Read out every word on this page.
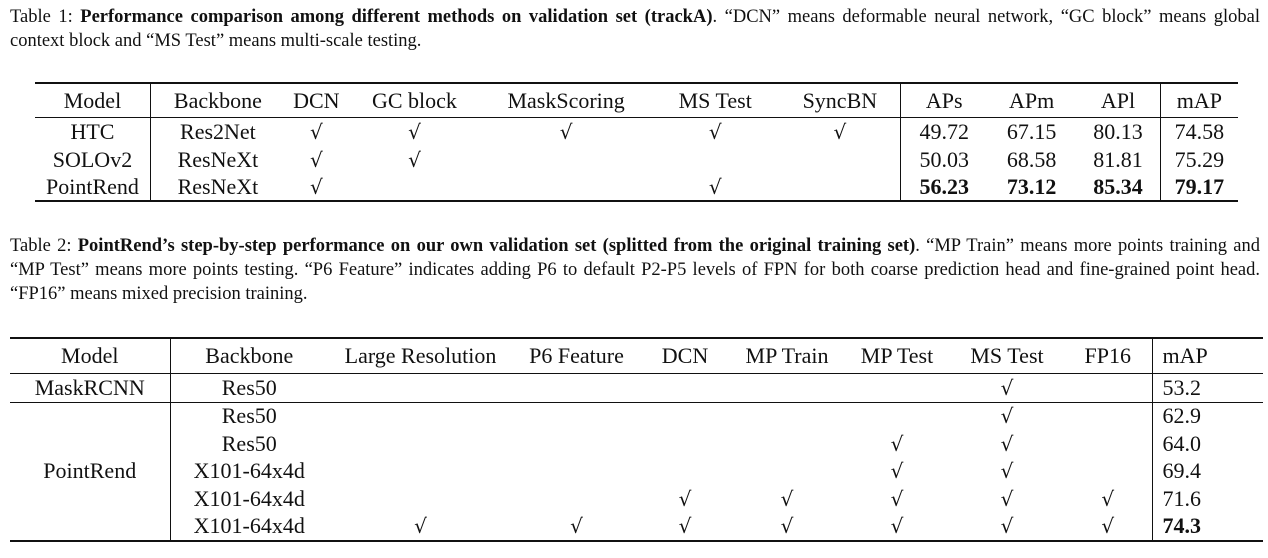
Table 1: Performance comparison among different methods on validation set (trackA). “DCN” means deformable neural network, “GC block” means global context block and “MS Test” means multi-scale testing.
Model	Backbone	DCN	GC block	MaskScoring	MS Test	SyncBN	APs	APm	APl	mAP
HTC	Res2Net	√	√	√	√	√	49.72	67.15	80.13	74.58
SOLOv2	ResNeXt	√	√				50.03	68.58	81.81	75.29
PointRend	ResNeXt	√			√		56.23	73.12	85.34	79.17
Table 2: PointRend’s step-by-step performance on our own validation set (splitted from the original training set). “MP Train” means more points training and “MP Test” means more points testing. “P6 Feature” indicates adding P6 to default P2-P5 levels of FPN for both coarse prediction head and fine-grained point head. “FP16” means mixed precision training.
Model	Backbone	Large Resolution	P6 Feature	DCN	MP Train	MP Test	MS Test	FP16	mAP
MaskRCNN	Res50						√		53.2
PointRend	Res50						√		62.9
	Res50					√	√		64.0
	X101-64x4d					√	√		69.4
	X101-64x4d			√	√	√	√	√	71.6
	X101-64x4d	√	√	√	√	√	√	√	74.3
